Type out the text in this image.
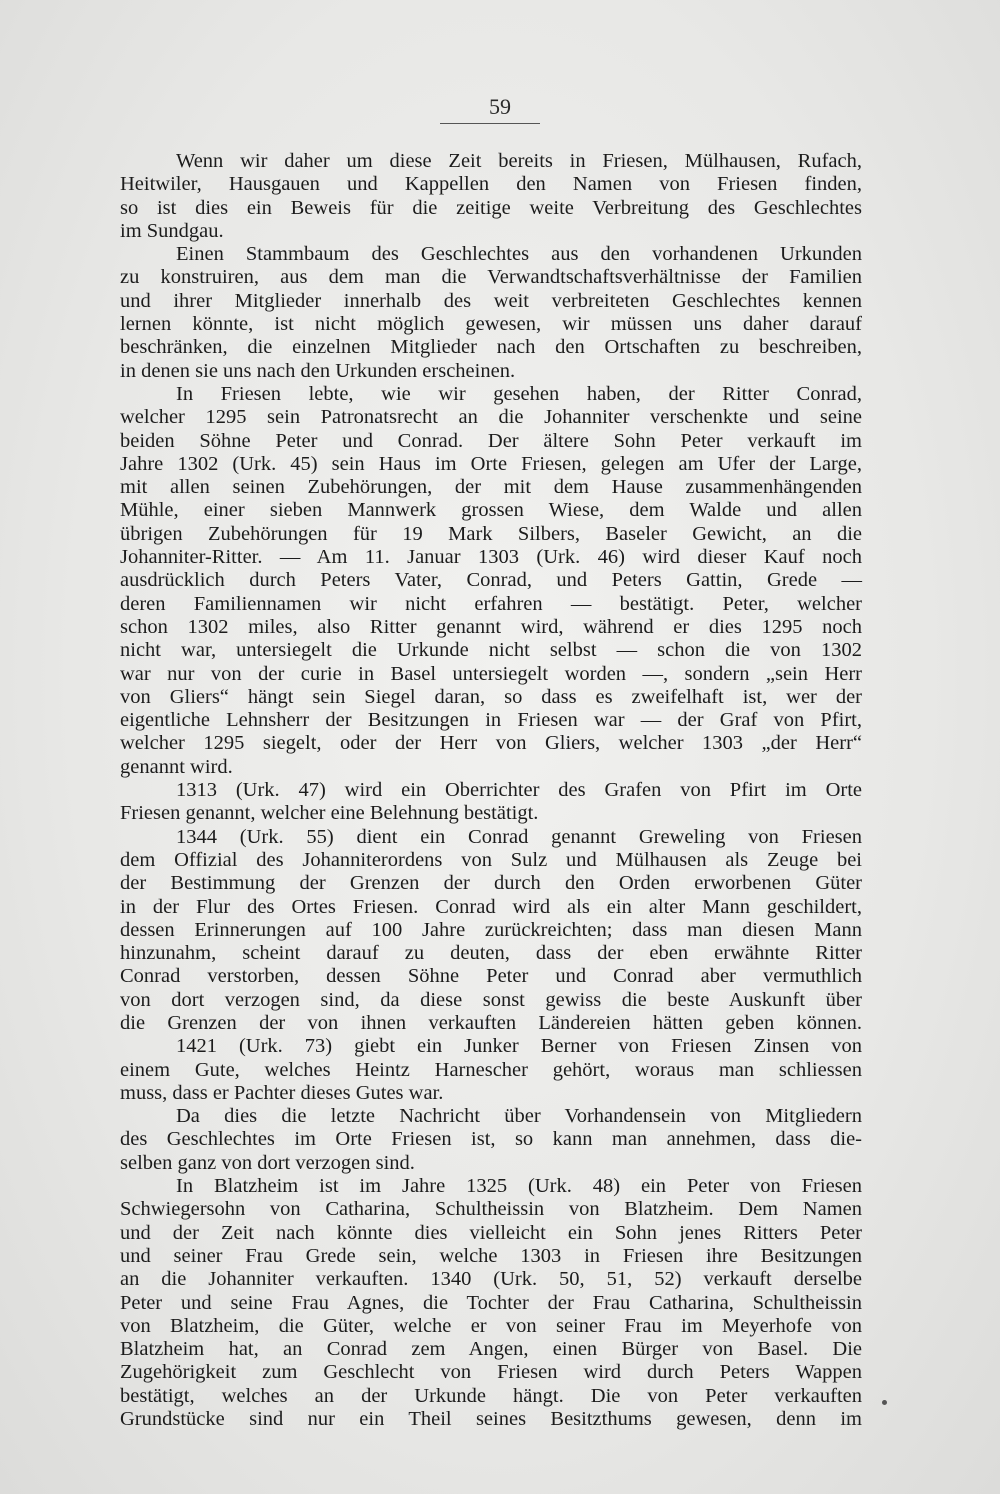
59
Wenn wir daher um diese Zeit bereits in Friesen, Mülhausen, Rufach,
Heitwiler, Hausgauen und Kappellen den Namen von Friesen finden,
so ist dies ein Beweis für die zeitige weite Verbreitung des Geschlechtes
im Sundgau.
Einen Stammbaum des Geschlechtes aus den vorhandenen Urkunden
zu konstruiren, aus dem man die Verwandtschaftsverhältnisse der Familien
und ihrer Mitglieder innerhalb des weit verbreiteten Geschlechtes kennen
lernen könnte, ist nicht möglich gewesen, wir müssen uns daher darauf
beschränken, die einzelnen Mitglieder nach den Ortschaften zu beschreiben,
in denen sie uns nach den Urkunden erscheinen.
In Friesen lebte, wie wir gesehen haben, der Ritter Conrad,
welcher 1295 sein Patronatsrecht an die Johanniter verschenkte und seine
beiden Söhne Peter und Conrad. Der ältere Sohn Peter verkauft im
Jahre 1302 (Urk. 45) sein Haus im Orte Friesen, gelegen am Ufer der Large,
mit allen seinen Zubehörungen, der mit dem Hause zusammenhängenden
Mühle, einer sieben Mannwerk grossen Wiese, dem Walde und allen
übrigen Zubehörungen für 19 Mark Silbers, Baseler Gewicht, an die
Johanniter-Ritter. — Am 11. Januar 1303 (Urk. 46) wird dieser Kauf noch
ausdrücklich durch Peters Vater, Conrad, und Peters Gattin, Grede —
deren Familiennamen wir nicht erfahren — bestätigt. Peter, welcher
schon 1302 miles, also Ritter genannt wird, während er dies 1295 noch
nicht war, untersiegelt die Urkunde nicht selbst — schon die von 1302
war nur von der curie in Basel untersiegelt worden —, sondern „sein Herr
von Gliers“ hängt sein Siegel daran, so dass es zweifelhaft ist, wer der
eigentliche Lehnsherr der Besitzungen in Friesen war — der Graf von Pfirt,
welcher 1295 siegelt, oder der Herr von Gliers, welcher 1303 „der Herr“
genannt wird.
1313 (Urk. 47) wird ein Oberrichter des Grafen von Pfirt im Orte
Friesen genannt, welcher eine Belehnung bestätigt.
1344 (Urk. 55) dient ein Conrad genannt Greweling von Friesen
dem Offizial des Johanniterordens von Sulz und Mülhausen als Zeuge bei
der Bestimmung der Grenzen der durch den Orden erworbenen Güter
in der Flur des Ortes Friesen. Conrad wird als ein alter Mann geschildert,
dessen Erinnerungen auf 100 Jahre zurückreichten; dass man diesen Mann
hinzunahm, scheint darauf zu deuten, dass der eben erwähnte Ritter
Conrad verstorben, dessen Söhne Peter und Conrad aber vermuthlich
von dort verzogen sind, da diese sonst gewiss die beste Auskunft über
die Grenzen der von ihnen verkauften Ländereien hätten geben können.
1421 (Urk. 73) giebt ein Junker Berner von Friesen Zinsen von
einem Gute, welches Heintz Harnescher gehört, woraus man schliessen
muss, dass er Pachter dieses Gutes war.
Da dies die letzte Nachricht über Vorhandensein von Mitgliedern
des Geschlechtes im Orte Friesen ist, so kann man annehmen, dass die-
selben ganz von dort verzogen sind.
In Blatzheim ist im Jahre 1325 (Urk. 48) ein Peter von Friesen
Schwiegersohn von Catharina, Schultheissin von Blatzheim. Dem Namen
und der Zeit nach könnte dies vielleicht ein Sohn jenes Ritters Peter
und seiner Frau Grede sein, welche 1303 in Friesen ihre Besitzungen
an die Johanniter verkauften. 1340 (Urk. 50, 51, 52) verkauft derselbe
Peter und seine Frau Agnes, die Tochter der Frau Catharina, Schultheissin
von Blatzheim, die Güter, welche er von seiner Frau im Meyerhofe von
Blatzheim hat, an Conrad zem Angen, einen Bürger von Basel. Die
Zugehörigkeit zum Geschlecht von Friesen wird durch Peters Wappen
bestätigt, welches an der Urkunde hängt. Die von Peter verkauften
Grundstücke sind nur ein Theil seines Besitzthums gewesen, denn im
